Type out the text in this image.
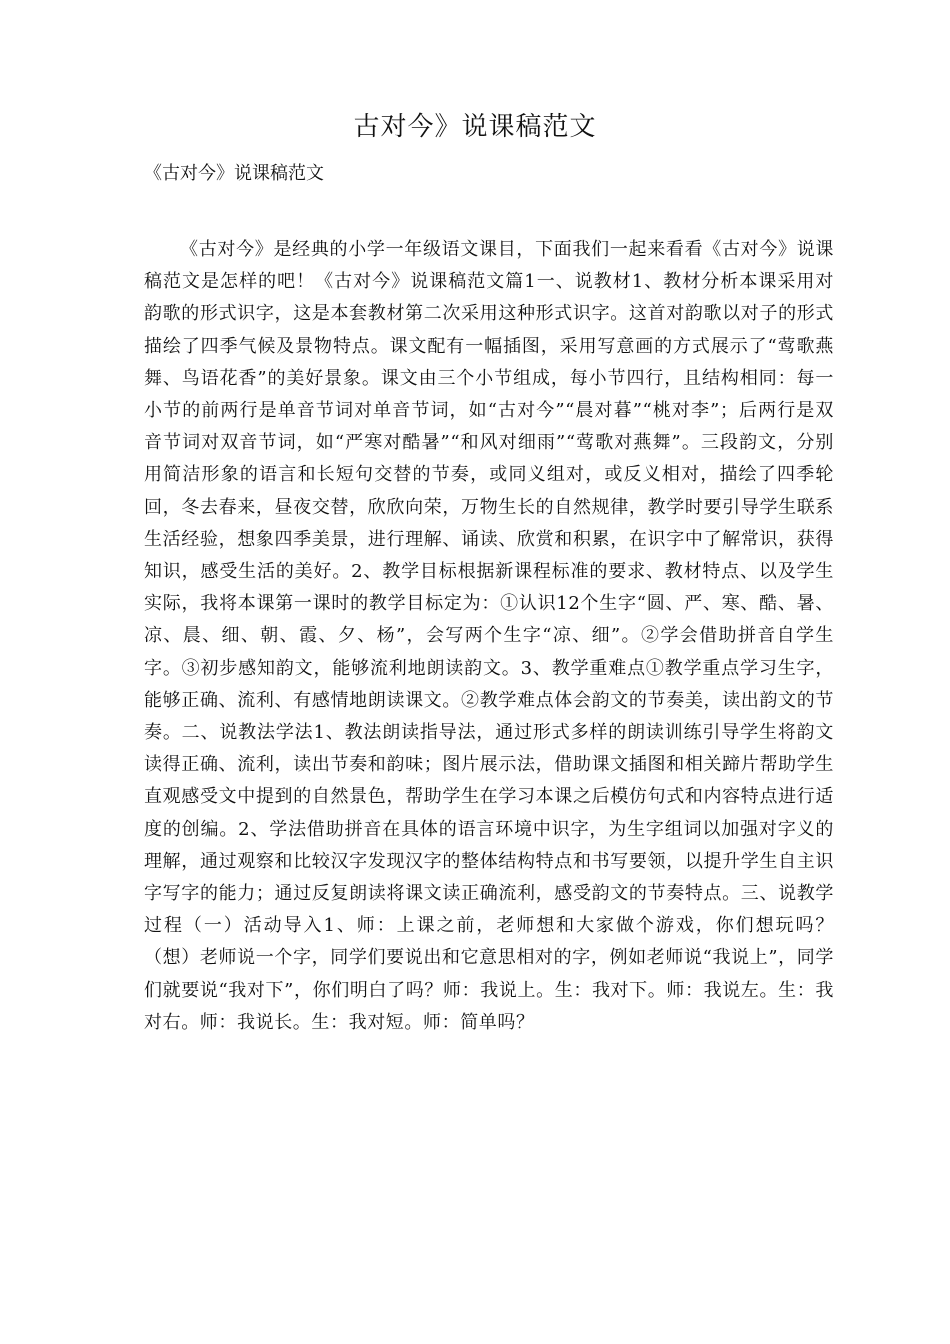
古对今》说课稿范文

《古对今》说课稿范文

《古对今》是经典的小学一年级语文课目，下面我们一起来看看《古对今》说课稿范文是怎样的吧！《古对今》说课稿范文篇1一、说教材1、教材分析本课采用对韵歌的形式识字，这是本套教材第二次采用这种形式识字。这首对韵歌以对子的形式描绘了四季气候及景物特点。课文配有一幅插图，采用写意画的方式展示了“莺歌燕舞、鸟语花香”的美好景象。课文由三个小节组成，每小节四行，且结构相同：每一小节的前两行是单音节词对单音节词，如“古对今”“晨对暮”“桃对李”；后两行是双音节词对双音节词，如“严寒对酷暑”“和风对细雨”“莺歌对燕舞”。三段韵文，分别用简洁形象的语言和长短句交替的节奏，或同义组对，或反义相对，描绘了四季轮回，冬去春来，昼夜交替，欣欣向荣，万物生长的自然规律，教学时要引导学生联系生活经验，想象四季美景，进行理解、诵读、欣赏和积累，在识字中了解常识，获得知识，感受生活的美好。2、教学目标根据新课程标准的要求、教材特点、以及学生实际，我将本课第一课时的教学目标定为：①认识12个生字“圆、严、寒、酷、暑、凉、晨、细、朝、霞、夕、杨”，会写两个生字“凉、细”。②学会借助拼音自学生字。③初步感知韵文，能够流利地朗读韵文。3、教学重难点①教学重点学习生字，能够正确、流利、有感情地朗读课文。②教学难点体会韵文的节奏美，读出韵文的节奏。二、说教法学法1、教法朗读指导法，通过形式多样的朗读训练引导学生将韵文读得正确、流利，读出节奏和韵味；图片展示法，借助课文插图和相关蹄片帮助学生直观感受文中提到的自然景色，帮助学生在学习本课之后模仿句式和内容特点进行适度的创编。2、学法借助拼音在具体的语言环境中识字，为生字组词以加强对字义的理解，通过观察和比较汉字发现汉字的整体结构特点和书写要领，以提升学生自主识字写字的能力；通过反复朗读将课文读正确流利，感受韵文的节奏特点。三、说教学过程（一）活动导入1、师：上课之前，老师想和大家做个游戏，你们想玩吗？（想）老师说一个字，同学们要说出和它意思相对的字，例如老师说“我说上”，同学们就要说“我对下”，你们明白了吗？师：我说上。生：我对下。师：我说左。生：我对右。师：我说长。生：我对短。师：简单吗？
